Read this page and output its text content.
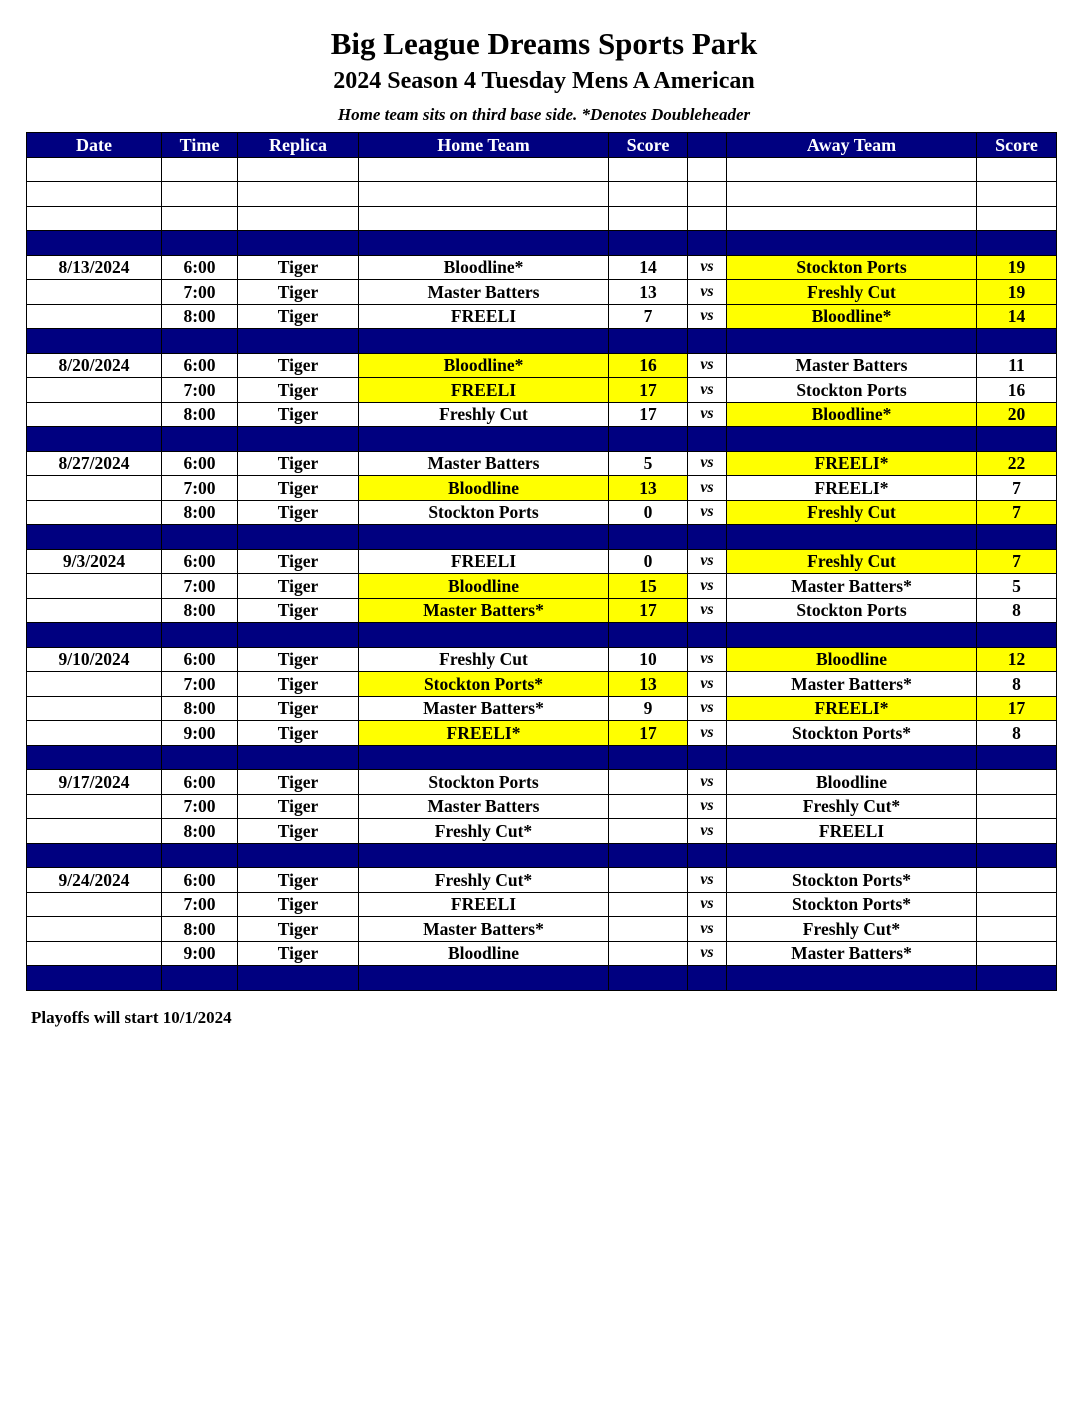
Big League Dreams Sports Park
2024 Season 4 Tuesday Mens A American
Home team sits on third base side. *Denotes Doubleheader
Date	Time	Replica	Home Team	Score		Away Team	Score

8/13/2024	6:00	Tiger	Bloodline*	14	vs	Stockton Ports	19
	7:00	Tiger	Master Batters	13	vs	Freshly Cut	19
	8:00	Tiger	FREELI	7	vs	Bloodline*	14

8/20/2024	6:00	Tiger	Bloodline*	16	vs	Master Batters	11
	7:00	Tiger	FREELI	17	vs	Stockton Ports	16
	8:00	Tiger	Freshly Cut	17	vs	Bloodline*	20

8/27/2024	6:00	Tiger	Master Batters	5	vs	FREELI*	22
	7:00	Tiger	Bloodline	13	vs	FREELI*	7
	8:00	Tiger	Stockton Ports	0	vs	Freshly Cut	7

9/3/2024	6:00	Tiger	FREELI	0	vs	Freshly Cut	7
	7:00	Tiger	Bloodline	15	vs	Master Batters*	5
	8:00	Tiger	Master Batters*	17	vs	Stockton Ports	8

9/10/2024	6:00	Tiger	Freshly Cut	10	vs	Bloodline	12
	7:00	Tiger	Stockton Ports*	13	vs	Master Batters*	8
	8:00	Tiger	Master Batters*	9	vs	FREELI*	17
	9:00	Tiger	FREELI*	17	vs	Stockton Ports*	8

9/17/2024	6:00	Tiger	Stockton Ports		vs	Bloodline	
	7:00	Tiger	Master Batters		vs	Freshly Cut*	
	8:00	Tiger	Freshly Cut*		vs	FREELI	

9/24/2024	6:00	Tiger	Freshly Cut*		vs	Stockton Ports*	
	7:00	Tiger	FREELI		vs	Stockton Ports*	
	8:00	Tiger	Master Batters*		vs	Freshly Cut*	
	9:00	Tiger	Bloodline		vs	Master Batters*	

Playoffs will start 10/1/2024
